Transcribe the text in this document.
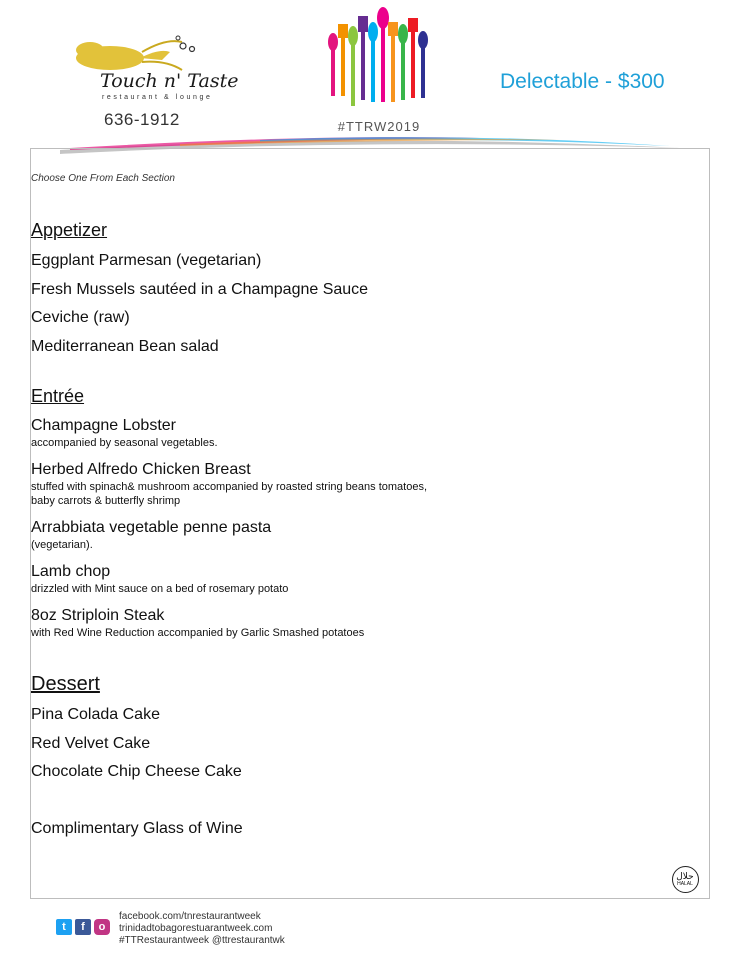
Touch n' Taste
restaurant & lounge
636-1912	#TTRW2019
Delectable - $300
Choose One From Each Section
Appetizer
Eggplant Parmesan (vegetarian)
Fresh Mussels sautéed in a Champagne Sauce
Ceviche (raw)
Mediterranean Bean salad
Entrée
Champagne Lobster
accompanied by seasonal vegetables.
Herbed Alfredo Chicken Breast
stuffed with spinach& mushroom accompanied by roasted string beans tomatoes,
baby carrots & butterfly shrimp
Arrabbiata vegetable penne pasta
(vegetarian).
Lamb chop
drizzled with Mint sauce on a bed of rosemary potato
8oz Striploin Steak
with Red Wine Reduction accompanied by Garlic Smashed potatoes
Dessert
Pina Colada Cake
Red Velvet Cake
Chocolate Chip Cheese Cake
Complimentary Glass of Wine
حلال
HALAL
t	f	o
facebook.com/tnrestaurantweek
trinidadtobagorestuarantweek.com
#TTRestaurantweek @ttrestaurantwk
